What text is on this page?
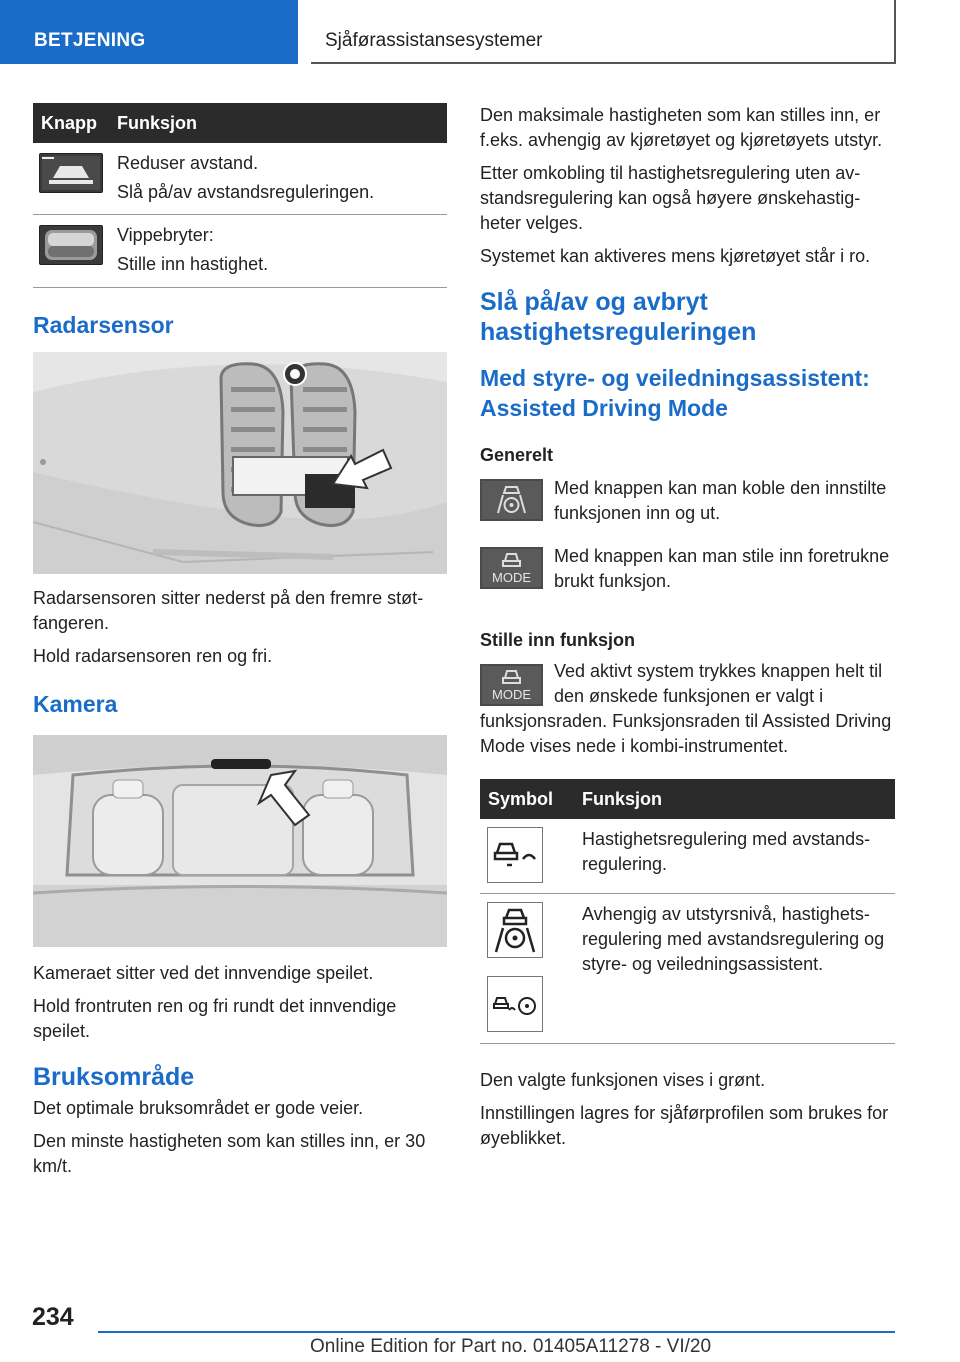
BETJENING	Sjåførassistansesystemer
Knapp	Funksjon

Reduser avstand.
Slå på/av avstandsreguleringen.

Vippebryter:
Stille inn hastighet.
Radarsensor

Radarsensoren sitter nederst på den fremre støtfangeren.

Hold radarsensoren ren og fri.

Kamera

Kameraet sitter ved det innvendige speilet.

Hold frontruten ren og fri rundt det innvendige speilet.

Bruksområde

Det optimale bruksområdet er gode veier.

Den minste hastigheten som kan stilles inn, er 30 km/t.

Den maksimale hastigheten som kan stilles inn, er f.eks. avhengig av kjøretøyet og kjøretøyets utstyr.

Etter omkobling til hastighetsregulering uten avstandsregulering kan også høyere ønskehastigheter velges.

Systemet kan aktiveres mens kjøretøyet står i ro.

Slå på/av og avbryt hastighetsreguleringen
Med styre- og veiledningsassistent: Assisted Driving Mode
Generelt

Med knappen kan man koble den innstilte funksjonen inn og ut.

MODE

Med knappen kan man stile inn foretrukne brukt funksjon.

Stille inn funksjon
MODE

Ved aktivt system trykkes knappen helt til den ønskede funksjonen er valgt i

funksjonsraden. Funksjonsraden til Assisted Driving Mode vises nede i kombi-instrumentet.

Symbol	Funksjon
	Hastighetsregulering med avstandsregulering.

	Avhengig av utstyrsnivå, hastighetsregulering med avstandsregulering og styre- og veiledningsassistent.

Den valgte funksjonen vises i grønt.

Innstillingen lagres for sjåførprofilen som brukes for øyeblikket.

234
Online Edition for Part no. 01405A11278 - VI/20
